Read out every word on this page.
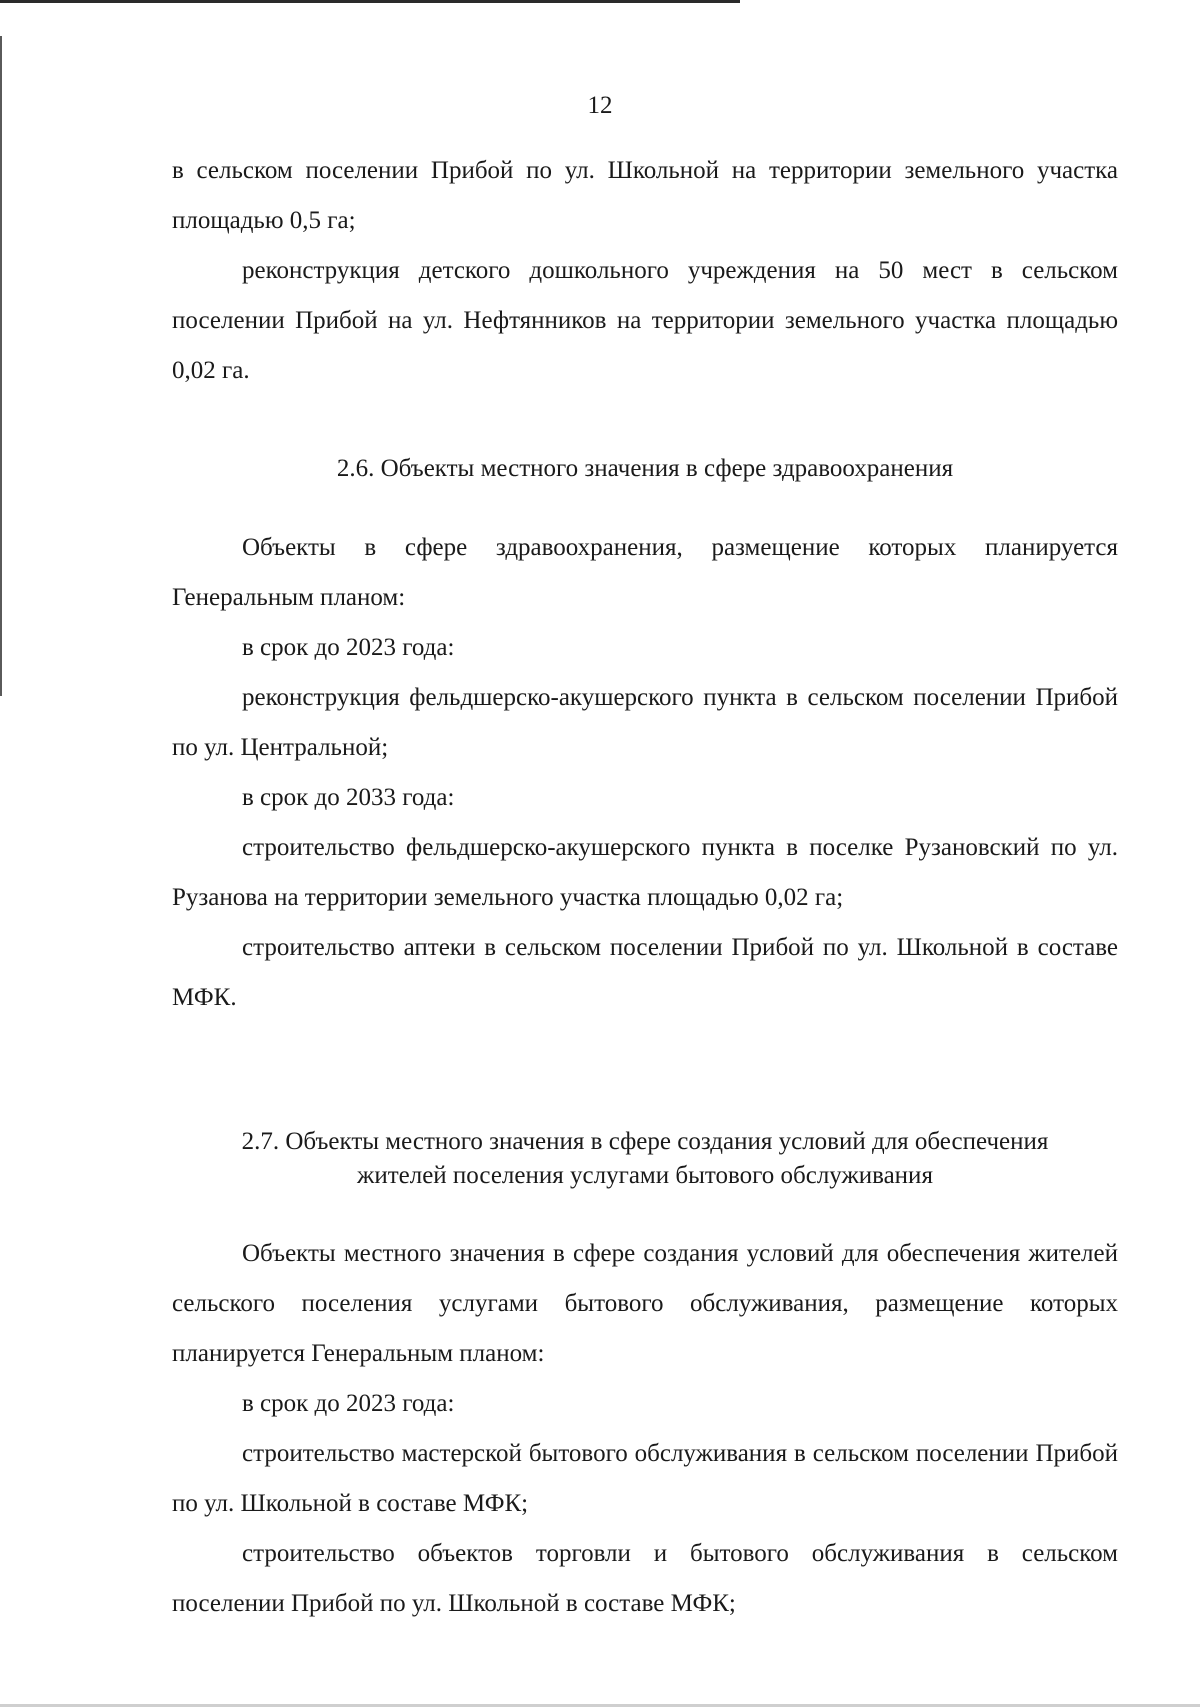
12

в сельском поселении Прибой по ул. Школьной на территории земельного участка площадью 0,5 га;

реконструкция детского дошкольного учреждения на 50 мест в сельском поселении Прибой на ул. Нефтянников на территории земельного участка площадью 0,02 га.

2.6. Объекты местного значения в сфере здравоохранения

Объекты в сфере здравоохранения, размещение которых планируется Генеральным планом:

в срок до 2023 года:

реконструкция фельдшерско-акушерского пункта в сельском поселении Прибой по ул. Центральной;

в срок до 2033 года:

строительство фельдшерско-акушерского пункта в поселке Рузановский по ул. Рузанова на территории земельного участка площадью 0,02 га;

строительство аптеки в сельском поселении Прибой по ул. Школьной в составе МФК.

2.7. Объекты местного значения в сфере создания условий для обеспечения

жителей поселения услугами бытового обслуживания

Объекты местного значения в сфере создания условий для обеспечения жителей сельского поселения услугами бытового обслуживания, размещение которых планируется Генеральным планом:

в срок до 2023 года:

строительство мастерской бытового обслуживания в сельском поселении Прибой по ул. Школьной в составе МФК;

строительство объектов торговли и бытового обслуживания в сельском поселении Прибой по ул. Школьной в составе МФК;
